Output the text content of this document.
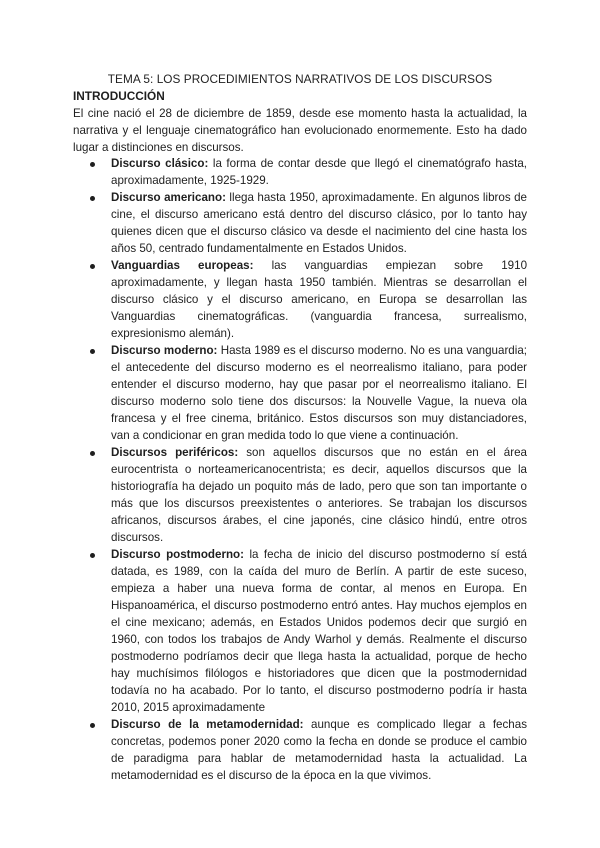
TEMA 5: LOS PROCEDIMIENTOS NARRATIVOS DE LOS DISCURSOS
INTRODUCCIÓN

El cine nació el 28 de diciembre de 1859, desde ese momento hasta la actualidad, la narrativa y el lenguaje cinematográfico han evolucionado enormemente. Esto ha dado lugar a distinciones en discursos.

Discurso clásico: la forma de contar desde que llegó el cinematógrafo hasta, aproximadamente, 1925-1929.
Discurso americano: llega hasta 1950, aproximadamente. En algunos libros de cine, el discurso americano está dentro del discurso clásico, por lo tanto hay quienes dicen que el discurso clásico va desde el nacimiento del cine hasta los años 50, centrado fundamentalmente en Estados Unidos.
Vanguardias europeas: las vanguardias empiezan sobre 1910 aproximadamente, y llegan hasta 1950 también. Mientras se desarrollan el discurso clásico y el discurso americano, en Europa se desarrollan las Vanguardias cinematográficas. (vanguardia francesa, surrealismo, expresionismo alemán).
Discurso moderno: Hasta 1989 es el discurso moderno. No es una vanguardia; el antecedente del discurso moderno es el neorrealismo italiano, para poder entender el discurso moderno, hay que pasar por el neorrealismo italiano. El discurso moderno solo tiene dos discursos: la Nouvelle Vague, la nueva ola francesa y el free cinema, británico. Estos discursos son muy distanciadores, van a condicionar en gran medida todo lo que viene a continuación.
Discursos periféricos: son aquellos discursos que no están en el área eurocentrista o norteamericanocentrista; es decir, aquellos discursos que la historiografía ha dejado un poquito más de lado, pero que son tan importante o más que los discursos preexistentes o anteriores. Se trabajan los discursos africanos, discursos árabes, el cine japonés, cine clásico hindú, entre otros discursos.
Discurso postmoderno: la fecha de inicio del discurso postmoderno sí está datada, es 1989, con la caída del muro de Berlín. A partir de este suceso, empieza a haber una nueva forma de contar, al menos en Europa. En Hispanoamérica, el discurso postmoderno entró antes. Hay muchos ejemplos en el cine mexicano; además, en Estados Unidos podemos decir que surgió en 1960, con todos los trabajos de Andy Warhol y demás. Realmente el discurso postmoderno podríamos decir que llega hasta la actualidad, porque de hecho hay muchísimos filólogos e historiadores que dicen que la postmodernidad todavía no ha acabado. Por lo tanto, el discurso postmoderno podría ir hasta 2010, 2015 aproximadamente
Discurso de la metamodernidad: aunque es complicado llegar a fechas concretas, podemos poner 2020 como la fecha en donde se produce el cambio de paradigma para hablar de metamodernidad hasta la actualidad. La metamodernidad es el discurso de la época en la que vivimos.
